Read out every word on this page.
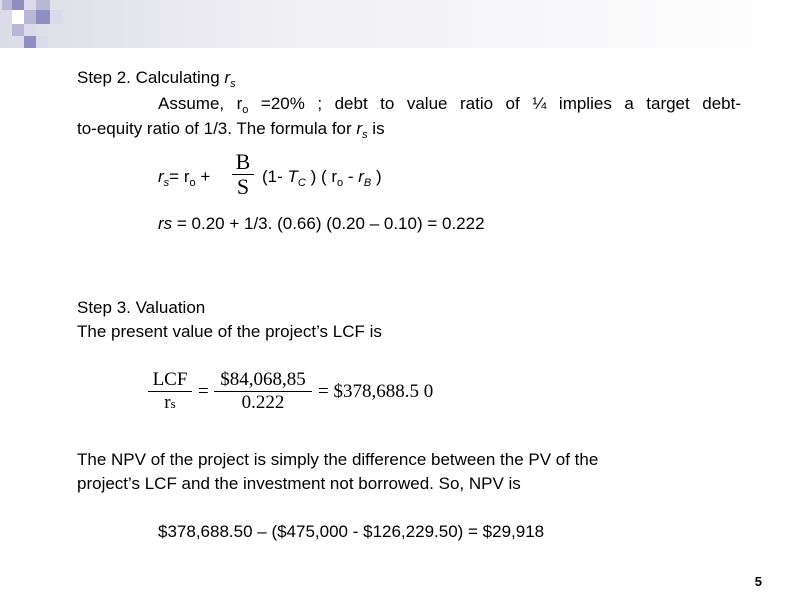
Step 2. Calculating $r_s$
Assume, $r_o =20\%$ ; debt to value ratio of ¼ implies a target debt-
to-equity ratio of 1/3. The formula for $r_s$ is
$r_s= r_o$ +
B
S (1- $T_C$ ) ( $r_o - r_B$ )
rs = 0.20 + 1/3. (0.66) (0.20 – 0.10) = 0.222
Step 3. Valuation
The present value of the project’s LCF is
LCF
rs
=
$84,068,85
0.222
= $378,688.5 0
The NPV of the project is simply the difference between the PV of the
project’s LCF and the investment not borrowed. So, NPV is
$378,688.50 – ($475,000 - $126,229.50) = $29,918
5
